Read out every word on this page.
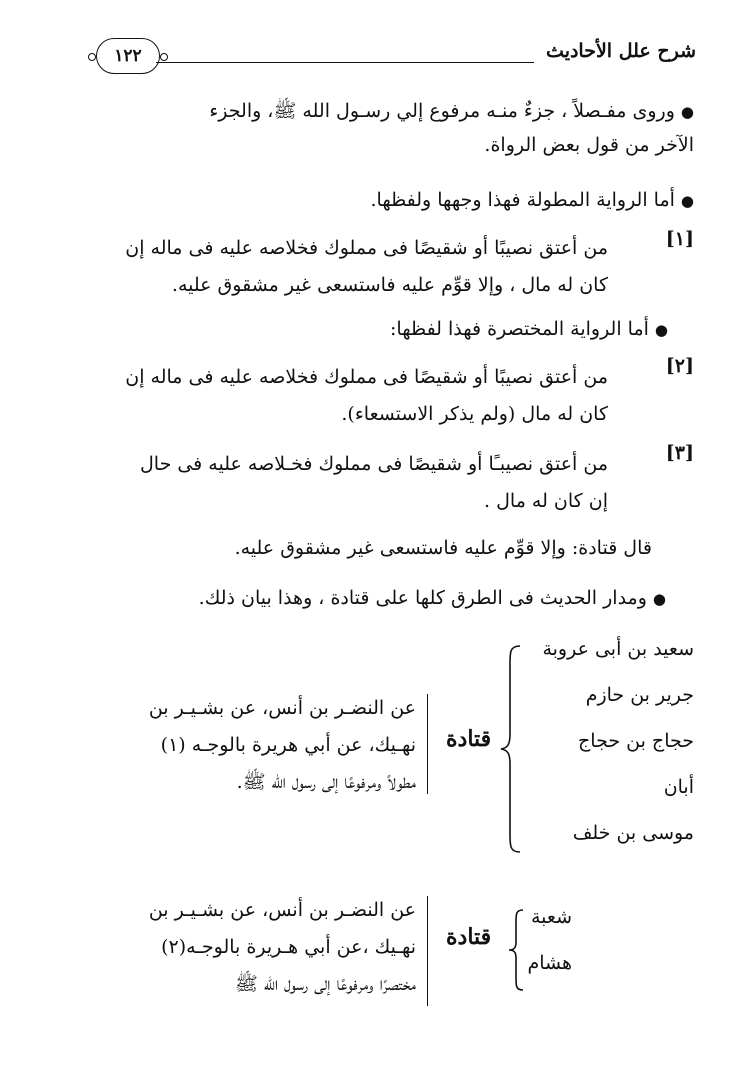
شرح علل الأحاديث
١٢٢
●وروى مفـصلاً ، جزءٌ منـه مرفوع إلي رسـول الله ﷺ، والجزء
الآخر من قول بعض الرواة.
●أما الرواية المطولة فهذا وجهها ولفظها.
[١]
من أعتق نصيبًا أو شقيصًا فى مملوك فخلاصه عليه فى ماله إن
كان له مال ، وإلا قوِّم عليه فاستسعى غير مشقوق عليه.
●أما الرواية المختصرة فهذا لفظها:
[٢]
من أعتق نصيبًا أو شقيصًا فى مملوك فخلاصه عليه فى ماله إن
كان له مال (ولم يذكر الاستسعاء).
[٣]
من أعتق نصيبـًا أو شقيصًا فى مملوك فخـلاصه عليه فى حال
إن كان له مال .
قال قتادة: وإلا قوِّم عليه فاستسعى غير مشقوق عليه.
●ومدار الحديث فى الطرق كلها على قتادة ، وهذا بيان ذلك.
سعيد بن أبى عروبة
جرير بن حازم
حجاج بن حجاج
أبان
موسى بن خلف
قتادة
عن النضـر بن أنس، عن بشـيـر بن
نهـيك، عن أبي هريرة بالوجـه (١)
مطولاً ومرفوعًا إلى رسول الله ﷺ.
شعبة
هشام
قتادة
عن النضـر بن أنس، عن بشـيـر بن
نهـيك ،عن أبي هـريرة بالوجـه(٢)
مختصرًا ومرفوعًا إلى رسول الله ﷺ
